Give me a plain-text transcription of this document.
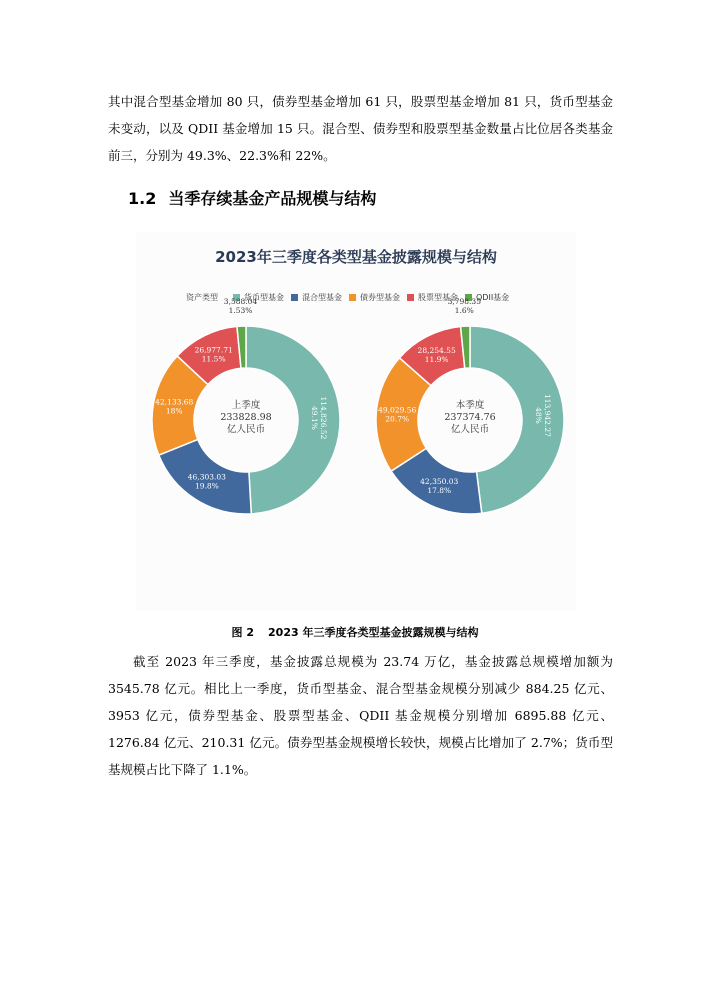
其中混合型基金增加 80 只，债券型基金增加 61 只，股票型基金增加 81 只，货币型基金未变动，以及 QDII 基金增加 15 只。混合型、债券型和股票型基金数量占比位居各类基金前三，分别为 49.3%、22.3%和 22%。

1.2 当季存续基金产品规模与结构
2023年三季度各类型基金披露规模与结构
资产类型	货币型基金 混合型基金 债券型基金 股票型基金 QDII基金
114,826.5249.1%
46,303.03 19.8%
42,133.68 18%
26,977.71 11.5%
3,588.04 1.53%
上季度
233828.98
亿人民币	113,942.2748%
42,350.03 17.8%
49,029.56 20.7%
28,254.55 11.9%
3,798.35 1.6%
本季度
237374.76
亿人民币

图 2 2023 年三季度各类型基金披露规模与结构

截至 2023 年三季度，基金披露总规模为 23.74 万亿，基金披露总规模增加额为 3545.78 亿元。相比上一季度，货币型基金、混合型基金规模分别减少 884.25 亿元、3953 亿元，债券型基金、股票型基金、QDII 基金规模分别增加 6895.88 亿元、1276.84 亿元、210.31 亿元。债券型基金规模增长较快，规模占比增加了 2.7%；货币型基规模占比下降了 1.1%。
